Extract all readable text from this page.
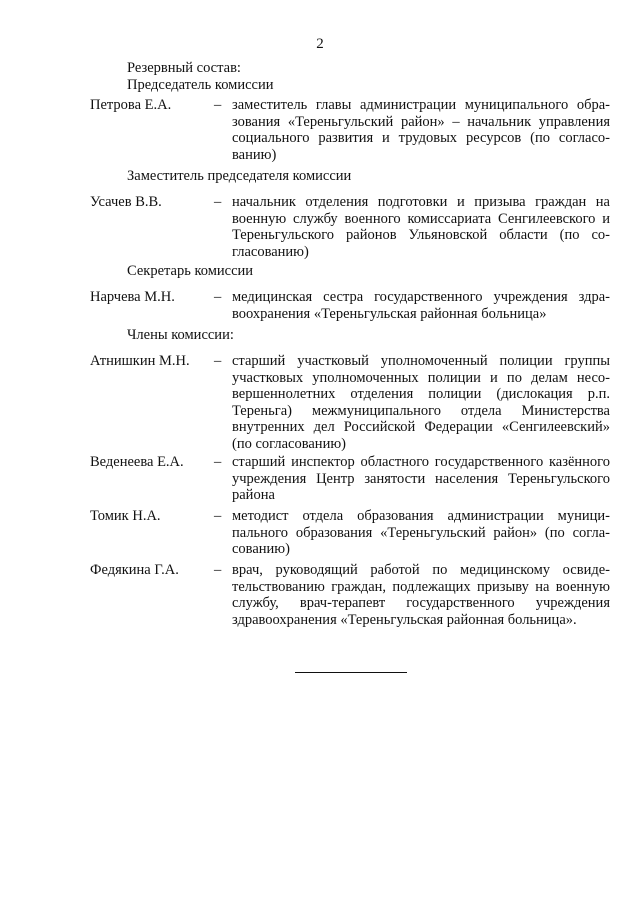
2
Резервный состав:
Председатель комиссии
Петрова Е.А.	– заместитель главы администрации муниципального образования «Тереньгульский район» – начальник управления социального развития и трудовых ресурсов (по согласованию)
Заместитель председателя комиссии
Усачев В.В.	– начальник отделения подготовки и призыва граждан на военную службу военного комиссариата Сенгилеевского и Тереньгульского районов Ульяновской области (по согласованию)
Секретарь комиссии
Нарчева М.Н.	– медицинская сестра государственного учреждения здравоохранения «Тереньгульская районная больница»
Члены комиссии:
Атнишкин М.Н. – старший участковый уполномоченный полиции группы участковых уполномоченных полиции и по делам несовершеннолетних отделения полиции (дислокация р.п. Тереньга) межмуниципального отдела Министерства внутренних дел Российской Федерации «Сенгилеевский» (по согласованию)
Веденеева Е.А. – старший инспектор областного государственного казённого учреждения Центр занятости населения Тереньгульского района
Томик Н.А.	– методист отдела образования администрации муниципального образования «Тереньгульский район» (по согласованию)
Федякина Г.А. – врач, руководящий работой по медицинскому освидетельствованию граждан, подлежащих призыву на военную службу, врач-терапевт государственного учреждения здравоохранения «Тереньгульская районная больница».
